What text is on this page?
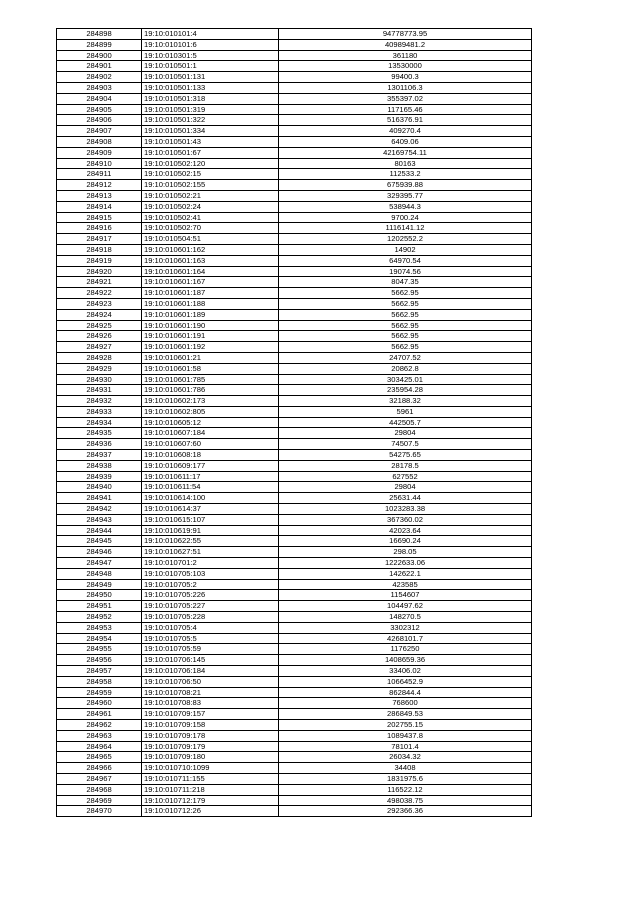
284898	19:10:010101:4	94778773.95
284899	19:10:010101:6	40989481.2
284900	19:10:010301:5	361180
284901	19:10:010501:1	13530000
284902	19:10:010501:131	99400.3
284903	19:10:010501:133	1301106.3
284904	19:10:010501:318	355397.02
284905	19:10:010501:319	117165.46
284906	19:10:010501:322	516376.91
284907	19:10:010501:334	409270.4
284908	19:10:010501:43	6409.06
284909	19:10:010501:67	42169754.11
284910	19:10:010502:120	80163
284911	19:10:010502:15	112533.2
284912	19:10:010502:155	675939.88
284913	19:10:010502:21	329395.77
284914	19:10:010502:24	538944.3
284915	19:10:010502:41	9700.24
284916	19:10:010502:70	1116141.12
284917	19:10:010504:51	1202552.2
284918	19:10:010601:162	14902
284919	19:10:010601:163	64970.54
284920	19:10:010601:164	19074.56
284921	19:10:010601:167	8047.35
284922	19:10:010601:187	5662.95
284923	19:10:010601:188	5662.95
284924	19:10:010601:189	5662.95
284925	19:10:010601:190	5662.95
284926	19:10:010601:191	5662.95
284927	19:10:010601:192	5662.95
284928	19:10:010601:21	24707.52
284929	19:10:010601:58	20862.8
284930	19:10:010601:785	303425.01
284931	19:10:010601:786	235954.28
284932	19:10:010602:173	32188.32
284933	19:10:010602:805	5961
284934	19:10:010605:12	442505.7
284935	19:10:010607:184	29804
284936	19:10:010607:60	74507.5
284937	19:10:010608:18	54275.65
284938	19:10:010609:177	28178.5
284939	19:10:010611:17	627552
284940	19:10:010611:54	29804
284941	19:10:010614:100	25631.44
284942	19:10:010614:37	1023283.38
284943	19:10:010615:107	367360.02
284944	19:10:010619:91	42023.64
284945	19:10:010622:55	16690.24
284946	19:10:010627:51	298.05
284947	19:10:010701:2	1222633.06
284948	19:10:010705:103	142622.1
284949	19:10:010705:2	423585
284950	19:10:010705:226	1154607
284951	19:10:010705:227	104497.62
284952	19:10:010705:228	148270.5
284953	19:10:010705:4	3302312
284954	19:10:010705:5	4268101.7
284955	19:10:010705:59	1176250
284956	19:10:010706:145	1408659.36
284957	19:10:010706:184	33406.02
284958	19:10:010706:50	1066452.9
284959	19:10:010708:21	862844.4
284960	19:10:010708:83	768600
284961	19:10:010709:157	286849.53
284962	19:10:010709:158	202755.15
284963	19:10:010709:178	1089437.8
284964	19:10:010709:179	78101.4
284965	19:10:010709:180	26034.32
284966	19:10:010710:1099	34408
284967	19:10:010711:155	1831975.6
284968	19:10:010711:218	116522.12
284969	19:10:010712:179	498038.75
284970	19:10:010712:26	292366.36
